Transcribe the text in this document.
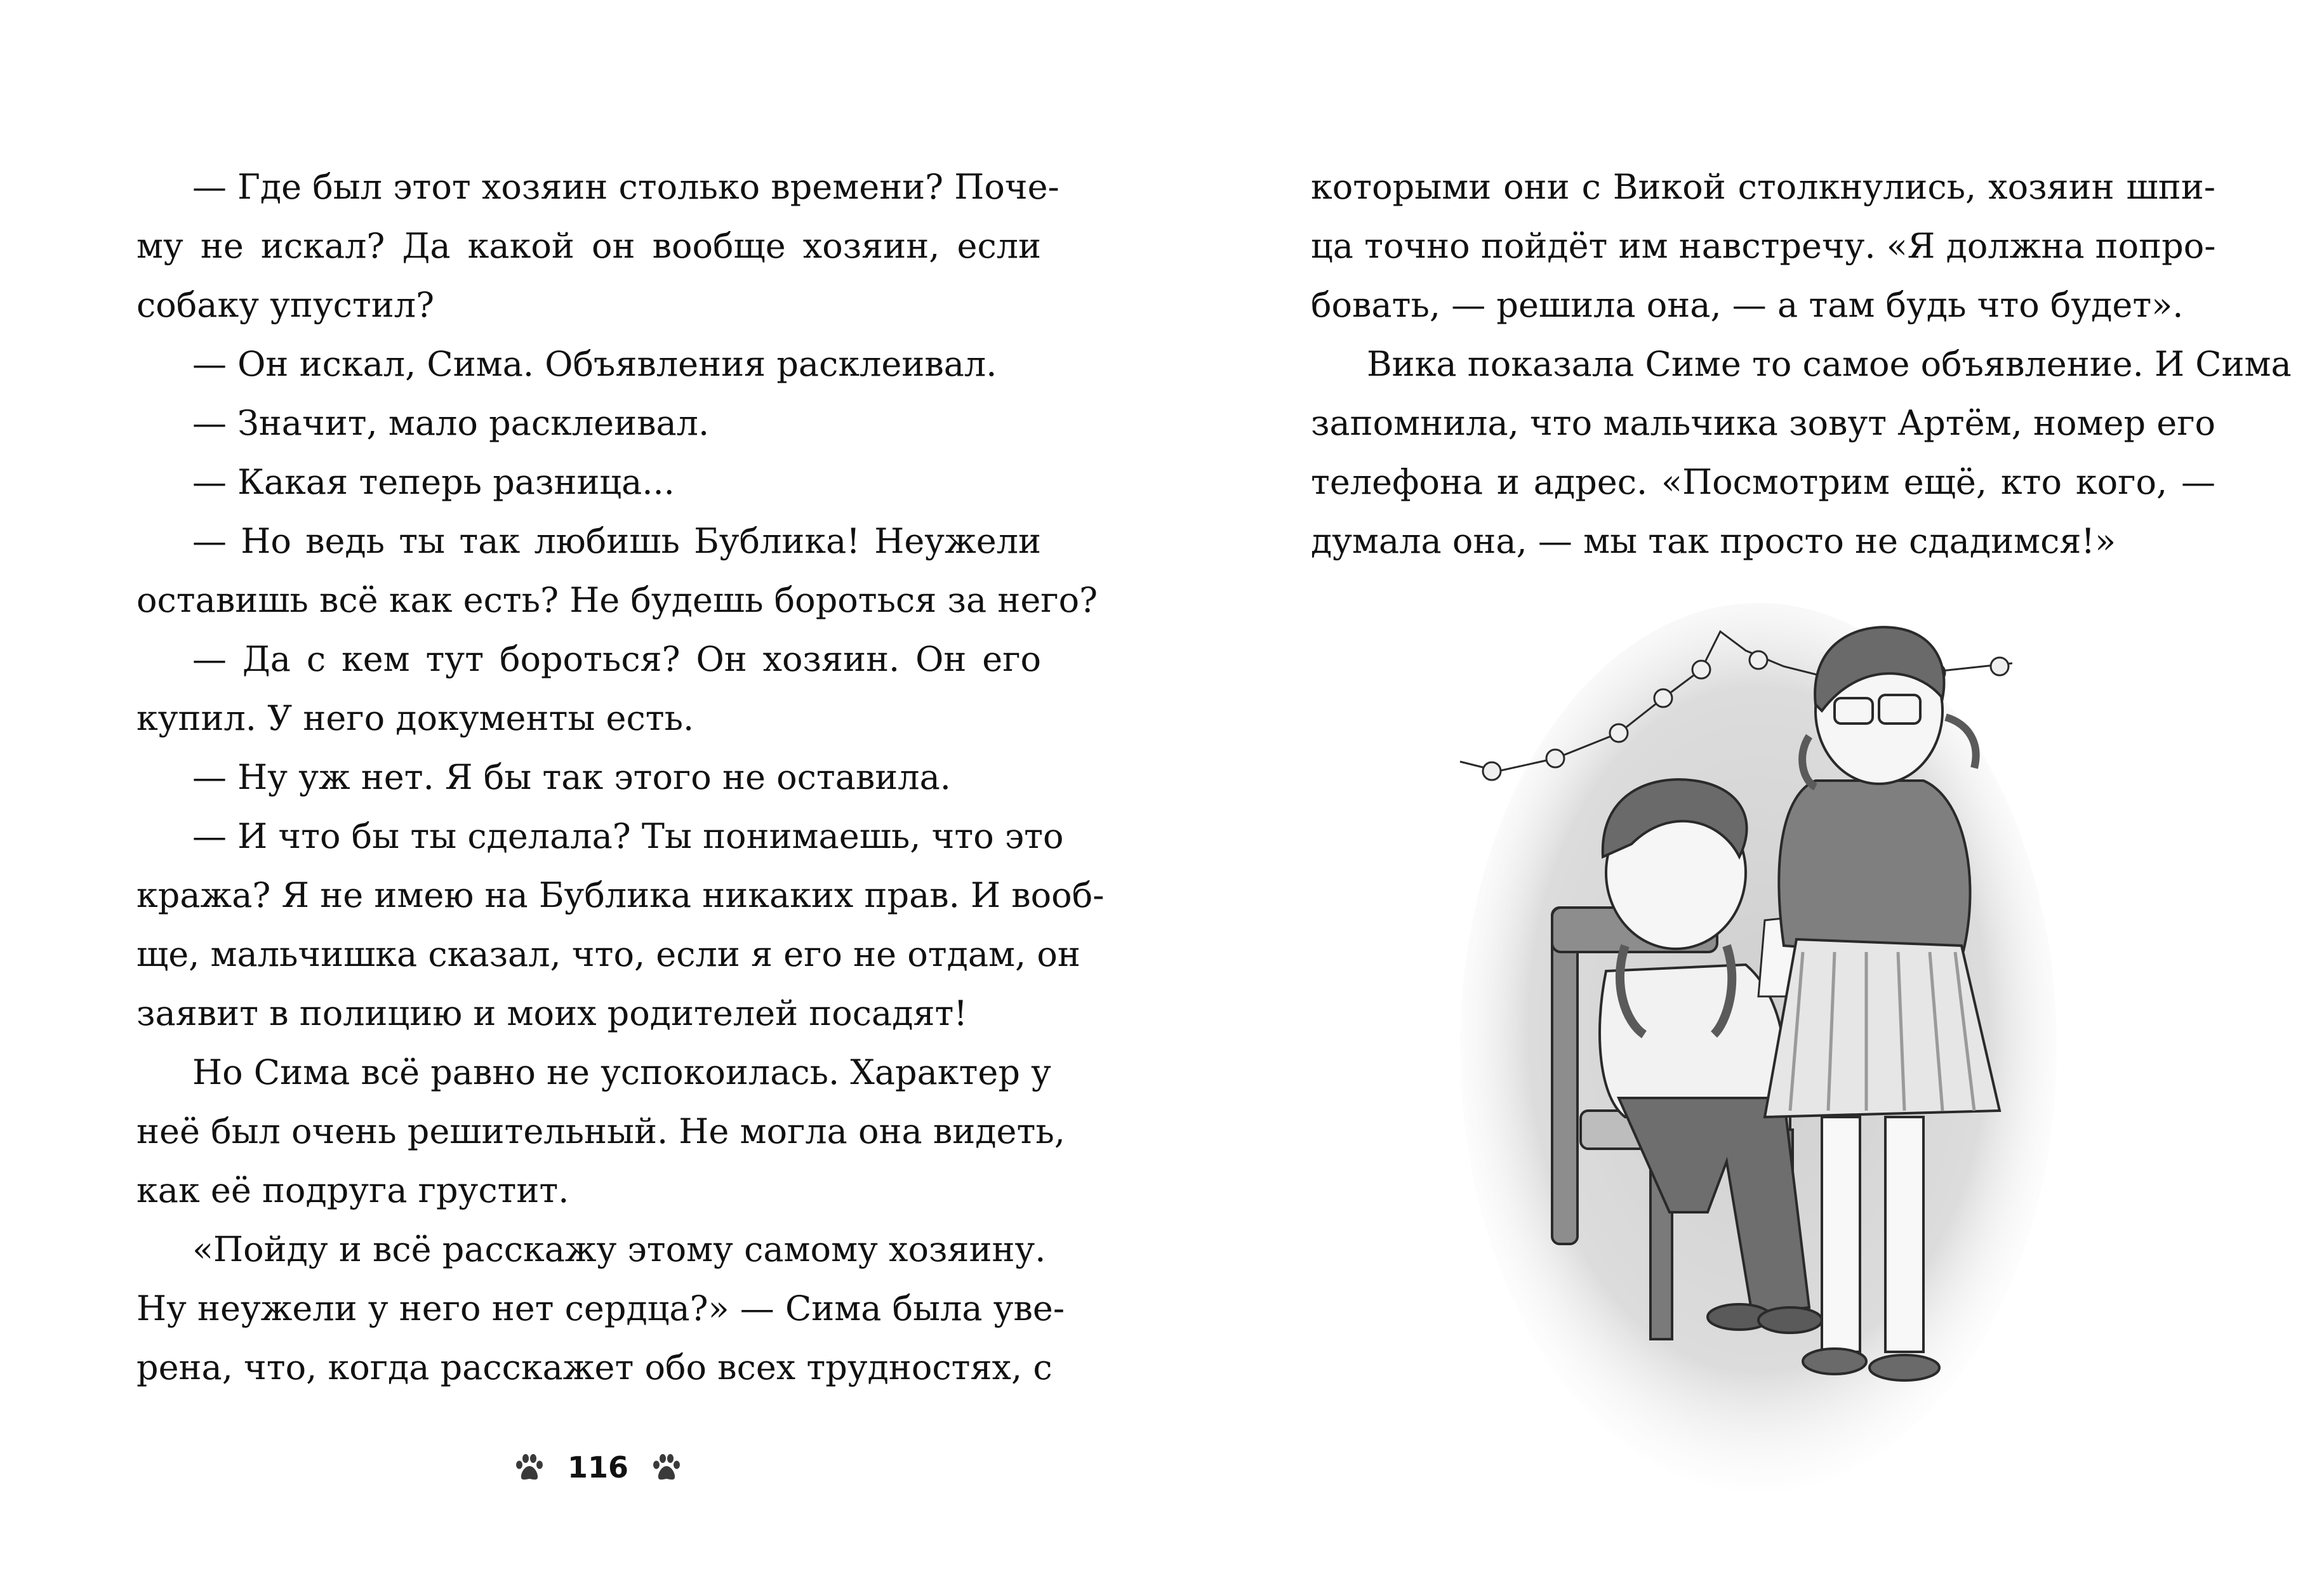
— Где был этот хозяин столько времени? Поче-
му не искал? Да какой он вообще хозяин, если
собаку упустил?
— Он искал, Сима. Объявления расклеивал.
— Значит, мало расклеивал.
— Какая теперь разница...
— Но ведь ты так любишь Бублика! Неужели
оставишь всё как есть? Не будешь бороться за него?
— Да с кем тут бороться? Он хозяин. Он его
купил. У него документы есть.
— Ну уж нет. Я бы так этого не оставила.
— И что бы ты сделала? Ты понимаешь, что это
кража? Я не имею на Бублика никаких прав. И вооб-
ще, мальчишка сказал, что, если я его не отдам, он
заявит в полицию и моих родителей посадят!
Но Сима всё равно не успокоилась. Характер у
неё был очень решительный. Не могла она видеть,
как её подруга грустит.
«Пойду и всё расскажу этому самому хозяину.
Ну неужели у него нет сердца?» — Сима была уве-
рена, что, когда расскажет обо всех трудностях, с
116
которыми они с Викой столкнулись, хозяин шпи-
ца точно пойдёт им навстречу. «Я должна попро-
бовать, — решила она, — а там будь что будет».
Вика показала Симе то самое объявление. И Сима
запомнила, что мальчика зовут Артём, номер его
телефона и адрес. «Посмотрим ещё, кто кого, —
думала она, — мы так просто не сдадимся!»
